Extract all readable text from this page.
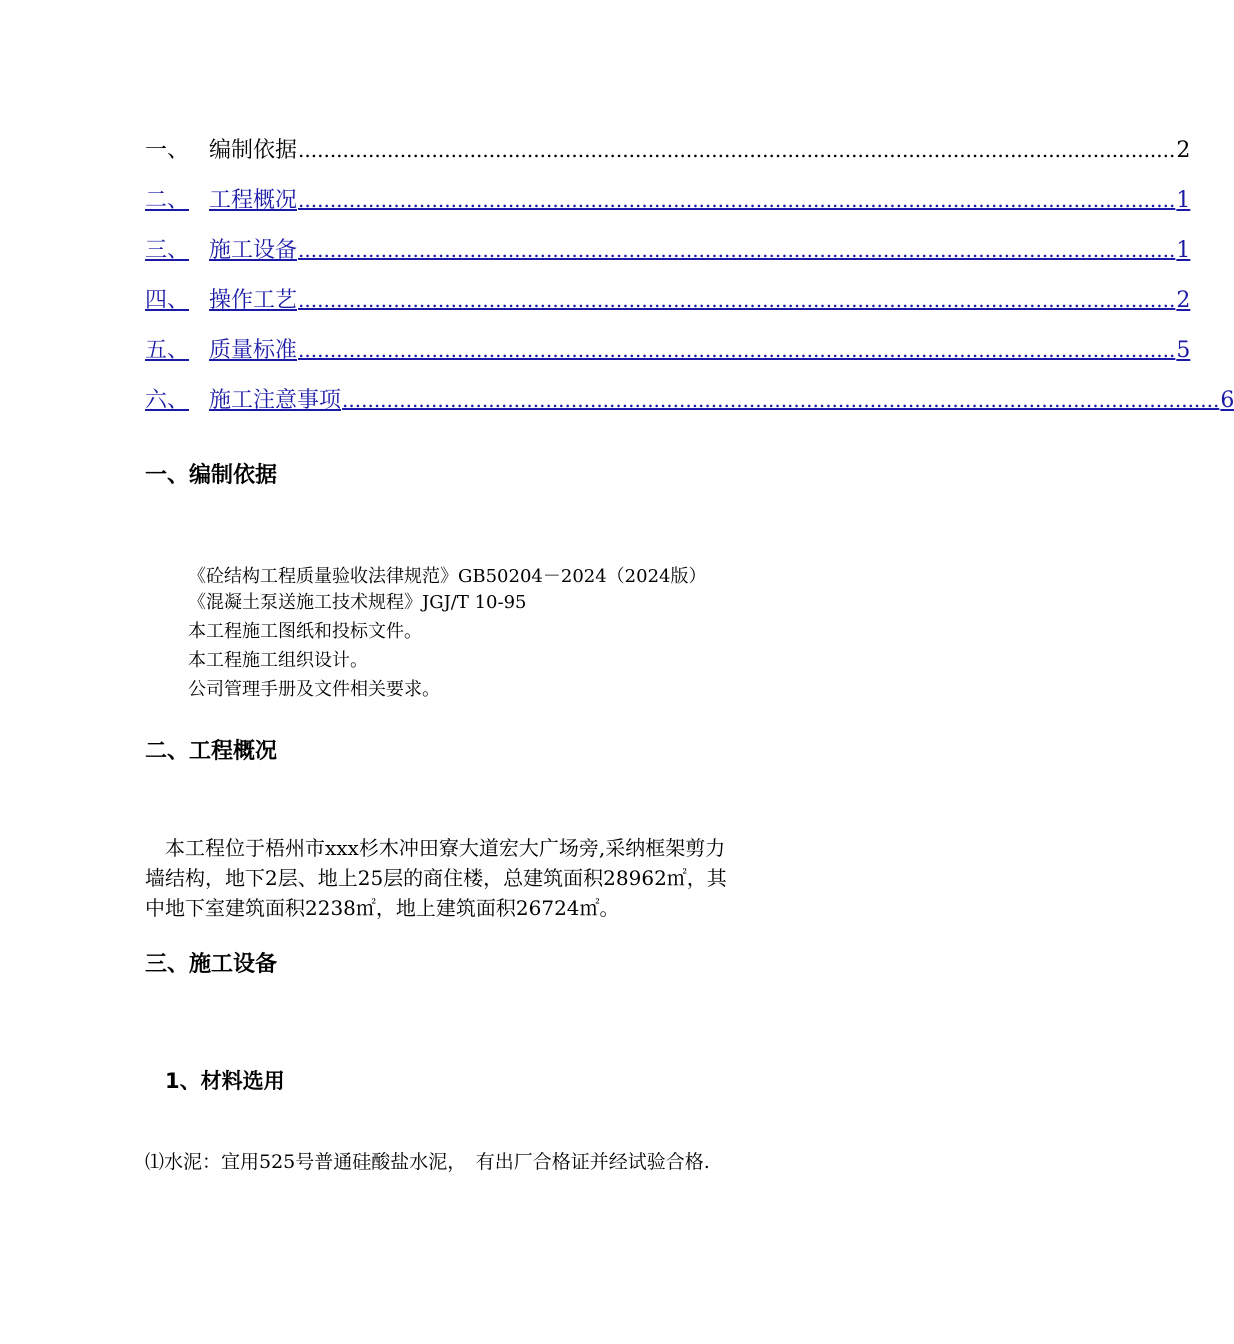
一、 编制依据 .......................................................................................................................................... 2
二、 工程概况 .......................................................................................................................................... 1
三、 施工设备 .......................................................................................................................................... 1
四、 操作工艺 .......................................................................................................................................... 2
五、 质量标准 .......................................................................................................................................... 5
六、 施工注意事项 .......................................................................................................................................... 6
一、编制依据
《砼结构工程质量验收法律规范》GB50204－2024（2024版）
《混凝土泵送施工技术规程》JGJ/T 10-95
本工程施工图纸和投标文件。
本工程施工组织设计。
公司管理手册及文件相关要求。
二、工程概况
　本工程位于梧州市xxx杉木冲田寮大道宏大广场旁,采纳框架剪力
墙结构，地下2层、地上25层的商住楼，总建筑面积28962㎡，其
中地下室建筑面积2238㎡，地上建筑面积26724㎡。
三、施工设备
1、材料选用
⑴水泥：宜用525号普通硅酸盐水泥，　有出厂合格证并经试验合格.
